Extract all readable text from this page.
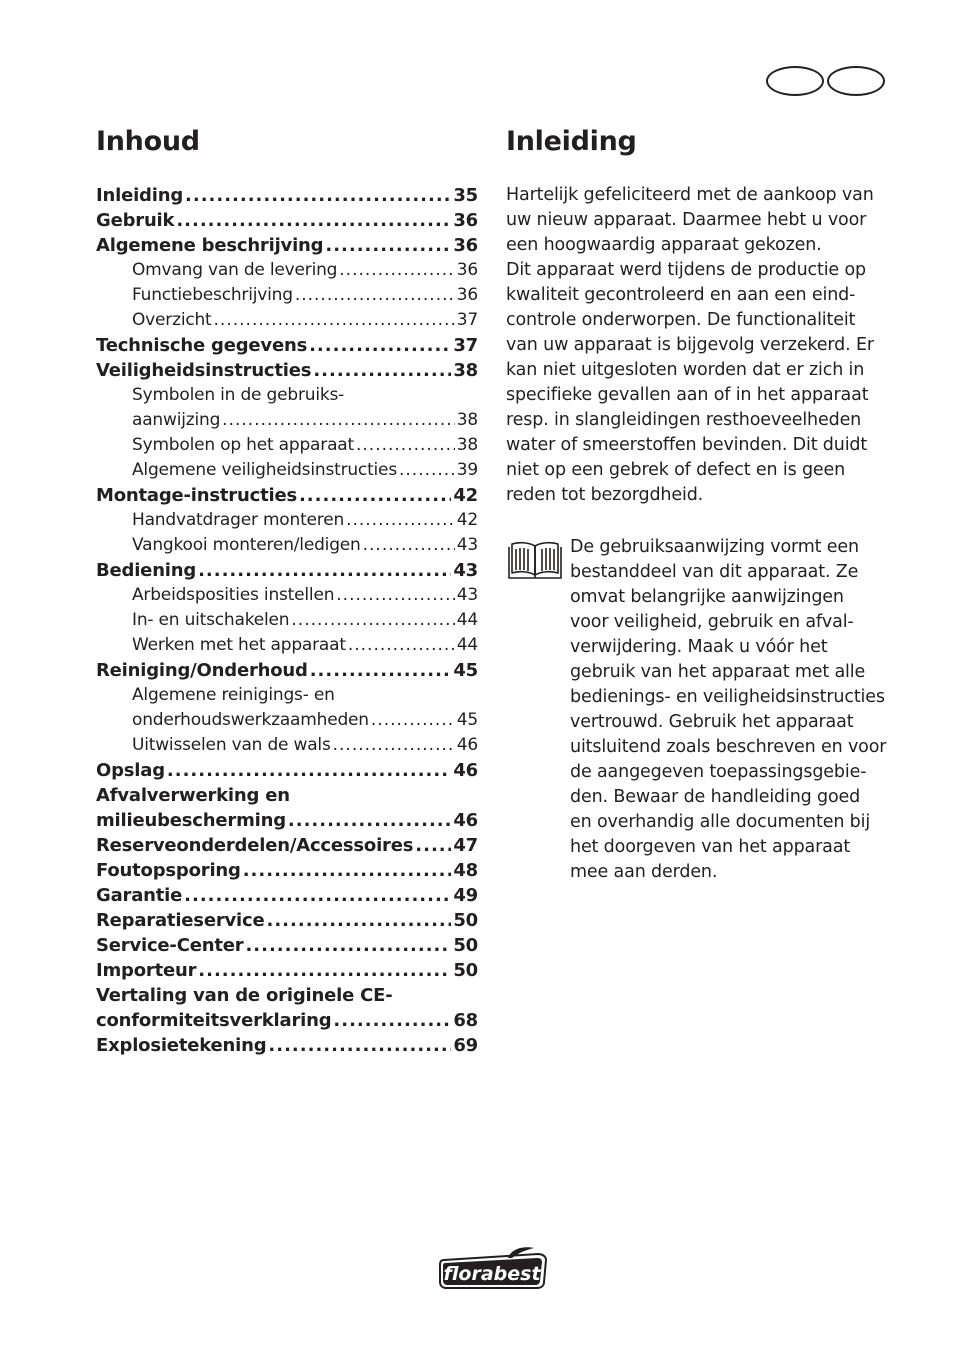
Inhoud
Inleiding .....	35
Gebruik .....	36
Algemene beschrijving .....	36
Omvang van de levering .....	36
Functiebeschrijving .....	36
Overzicht .....	37
Technische gegevens .....	37
Veiligheidsinstructies .....	38
Symbolen in de gebruiks-
aanwijzing .....	38
Symbolen op het apparaat .....	38
Algemene veiligheidsinstructies .....	39
Montage-instructies .....	42
Handvatdrager monteren .....	42
Vangkooi monteren/ledigen .....	43
Bediening .....	43
Arbeidsposities instellen .....	43
In- en uitschakelen .....	44
Werken met het apparaat .....	44
Reiniging/Onderhoud .....	45
Algemene reinigings- en
onderhoudswerkzaamheden .....	45
Uitwisselen van de wals .....	46
Opslag .....	46
Afvalverwerking en
milieubescherming .....	46
Reserveonderdelen/Accessoires ..... 47
Foutopsporing .....	48
Garantie .....	49
Reparatieservice .....	50
Service-Center .....	50
Importeur .....	50
Vertaling van de originele CE-
conformiteitsverklaring .....	68
Explosietekening .....	69
Inleiding

Hartelijk gefeliciteerd met de aankoop van
uw nieuw apparaat. Daarmee hebt u voor
een hoogwaardig apparaat gekozen.
Dit apparaat werd tijdens de productie op
kwaliteit gecontroleerd en aan een eind-
controle onderworpen. De functionaliteit
van uw apparaat is bijgevolg verzekerd. Er
kan niet uitgesloten worden dat er zich in
specifieke gevallen aan of in het apparaat
resp. in slangleidingen resthoeveelheden
water of smeerstoffen bevinden. Dit duidt
niet op een gebrek of defect en is geen
reden tot bezorgdheid.

De gebruiksaanwijzing vormt een
bestanddeel van dit apparaat. Ze
omvat belangrijke aanwijzingen
voor veiligheid, gebruik en afval-
verwijdering. Maak u vóór het
gebruik van het apparaat met alle
bedienings- en veiligheidsinstructies
vertrouwd. Gebruik het apparaat
uitsluitend zoals beschreven en voor
de aangegeven toepassingsgebie-
den. Bewaar de handleiding goed
en overhandig alle documenten bij
het doorgeven van het apparaat
mee aan derden.

florabest
